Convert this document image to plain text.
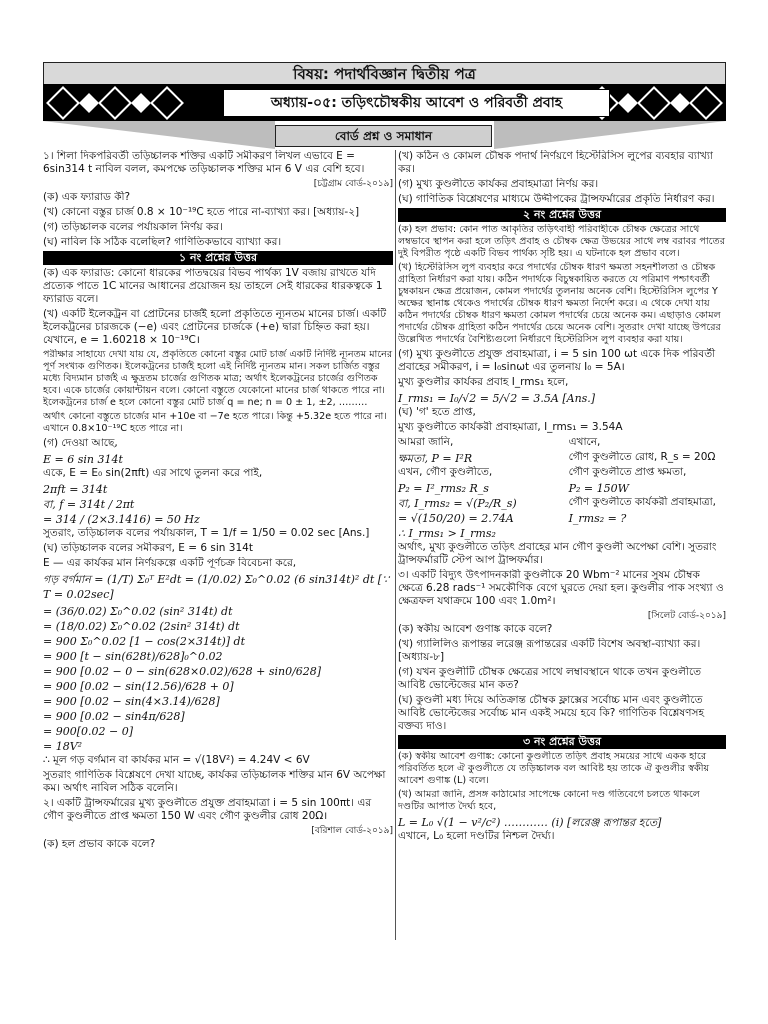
বিষয়: পদার্থবিজ্ঞান দ্বিতীয় পত্র
অধ্যায়-০৫: তড়িৎচৌম্বকীয় আবেশ ও পরিবর্তী প্রবাহ
বোর্ড প্রশ্ন ও সমাধান
১। শিলা দিকপরিবর্তী তড়িচ্চালক শক্তির একটি সমীকরণ লিখল এভাবে E = 6sin314 t নাবিল বলল, কমপক্ষে তড়িচ্চালক শক্তির মান 6 V এর বেশি হবে।
[চট্টগ্রাম বোর্ড-২০১৯]
(ক) এক ফ্যারাড কী?
(খ) কোনো বস্তুর চার্জ 0.8 × 10⁻¹⁹C হতে পারে না-ব্যাখ্যা কর। [অধ্যায়-২]
(গ) তড়িচ্চালক বলের পর্যায়কাল নির্ণয় কর।
(ঘ) নাবিল কি সঠিক বলেছিল? গাণিতিকভাবে ব্যাখ্যা কর।
১ নং প্রশ্নের উত্তর
(ক) এক ফ্যারাড: কোনো ধারকের পাতদ্বয়ের বিভব পার্থক্য 1V বজায় রাখতে যদি প্রত্যেক পাতে 1C মানের আধানের প্রয়োজন হয় তাহলে সেই ধারকের ধারকত্বকে 1 ফ্যারাড বলে।
(খ) একটি ইলেকট্রন বা প্রোটনের চার্জই হলো প্রকৃতিতে ন্যূনতম মানের চার্জ। একটি ইলেকট্রনের চারজকে (−e) এবং প্রোটনের চার্জকে (+e) দ্বারা চিহ্নিত করা হয়। যেখানে, e = 1.60218 × 10⁻¹⁹C।
পরীক্ষার সাহায্যে দেখা যায় যে, প্রকৃতিতে কোনো বস্তুর মোট চার্জ একটি নির্দিষ্ট ন্যূনতম মানের পূর্ণ সংখ্যক গুণিতক। ইলেকট্রনের চার্জই হলো এই নির্দিষ্ট ন্যূনতম মান। সকল চার্জিত বস্তুর মধ্যে বিদ্যমান চার্জই এ ক্ষুদ্রতম চার্জের গুণিতক মাত্র; অর্থাৎ ইলেকট্রনের চার্জের গুণিতক হবে। একে চার্জের কোয়ান্টায়ন বলে। কোনো বস্তুতে যেকোনো মানের চার্জ থাকতে পারে না। ইলেকট্রনের চার্জ e হলে কোনো বস্তুর মোট চার্জ q = ne; n = 0 ± 1, ±2, ………
অর্থাৎ কোনো বস্তুতে চার্জের মান +10e বা −7e হতে পারে। কিন্তু +5.32e হতে পারে না। এখানে 0.8×10⁻¹⁹C হতে পারে না।
(গ) দেওয়া আছে,
E = 6 sin 314t
একে, E = E₀ sin(2πft) এর সাথে তুলনা করে পাই,
2πft = 314t
বা, f = 314t / 2πt
= 314 / (2×3.1416) = 50 Hz
সুতরাং, তড়িচ্চালক বলের পর্যায়কাল, T = 1/f = 1/50 = 0.02 sec [Ans.]
(ঘ) তড়িচ্চালক বলের সমীকরণ, E = 6 sin 314t
E — এর কার্যকর মান নির্ণয়কল্পে একটি পূর্ণচক্র বিবেচনা করে,
গড় বর্গমান = (1/T) Σ₀ᵀ E²dt = (1/0.02) Σ₀^0.02 (6 sin314t)² dt [∵ T = 0.02sec]
= (36/0.02) Σ₀^0.02 (sin² 314t) dt
= (18/0.02) Σ₀^0.02 (2sin² 314t) dt
= 900 Σ₀^0.02 [1 − cos(2×314t)] dt
= 900 [t − sin(628t)/628]₀^0.02
= 900 [0.02 − 0 − sin(628×0.02)/628 + sin0/628]
= 900 [0.02 − sin(12.56)/628 + 0]
= 900 [0.02 − sin(4×3.14)/628]
= 900 [0.02 − sin4π/628]
= 900[0.02 − 0]
= 18V²
∴ মূল গড় বর্গমান বা কার্যকর মান = √(18V²) = 4.24V < 6V
সুতরাং গাণিতিক বিশ্লেষণে দেখা যাচ্ছে, কার্যকর তড়িচ্চালক শক্তির মান 6V অপেক্ষা কম। অর্থাৎ নাবিল সঠিক বলেনি।
২। একটি ট্রান্সফর্মারের মুখ্য কুণ্ডলীতে প্রযুক্ত প্রবাহমাত্রা i = 5 sin 100πt। এর গৌণ কুণ্ডলীতে প্রাপ্ত ক্ষমতা 150 W এবং গৌণ কুণ্ডলীর রোধ 20Ω।
[বরিশাল বোর্ড-২০১৯]
(ক) হল প্রভাব কাকে বলে?
(খ) কঠিন ও কোমল চৌম্বক পদার্থ নির্ণয়ণে হিস্টেরিসিস লুপের ব্যবহার ব্যাখ্যা কর।
(গ) মুখ্য কুণ্ডলীতে কার্যকর প্রবাহমাত্রা নির্ণয় কর।
(ঘ) গাণিতিক বিশ্লেষণের মাধ্যমে উদ্দীপকের ট্রান্সফর্মারের প্রকৃতি নির্ধারণ কর।
২ নং প্রশ্নের উত্তর
(ক) হল প্রভাব: কোন পাত আকৃতির তড়িৎবাহী পরিবাহীকে চৌম্বক ক্ষেত্রের সাথে লম্বভাবে স্থাপন করা হলে তড়িৎ প্রবাহ ও চৌম্বক ক্ষেত্র উভয়ের সাথে লম্ব বরাবর পাতের দুই বিপরীত পৃষ্ঠে একটি বিভব পার্থক্য সৃষ্টি হয়। এ ঘটনাকে হল প্রভাব বলে।
(খ) হিস্টেরিসিস লুপ ব্যবহার করে পদার্থের চৌম্বক ধারণ ক্ষমতা সহনশীলতা ও চৌম্বক গ্রাহিতা নির্ধারণ করা যায়। কঠিন পদার্থকে বিচুম্বকায়িত করতে যে পরিমাণ পশ্চাৎবর্তী চুম্বকায়ন ক্ষেত্র প্রয়োজন, কোমল পদার্থের তুলনায় অনেক বেশি। হিস্টেরিসিস লুপের Y অক্ষের স্থানাঙ্ক থেকেও পদার্থের চৌম্বক ধারণ ক্ষমতা নির্দেশ করে। এ থেকে দেখা যায় কঠিন পদার্থের চৌম্বক ধারণ ক্ষমতা কোমল পদার্থের চেয়ে অনেক কম। এছাড়াও কোমল পদার্থের চৌম্বক গ্রাহিতা কঠিন পদার্থের চেয়ে অনেক বেশি। সুতরাং দেখা যাচ্ছে উপরের উল্লেখিত পদার্থের বৈশিষ্ট্যগুলো নির্ধারণে হিস্টেরিসিস লুপ ব্যবহার করা যায়।
(গ) মুখ্য কুণ্ডলীতে প্রযুক্ত প্রবাহমাত্রা, i = 5 sin 100 ωt একে দিক পরিবর্তী প্রবাহের সমীকরণ, i = I₀sinωt এর তুলনায় I₀ = 5A।
মুখ্য কুণ্ডলীর কার্যকর প্রবাহ I_rms₁ হলে,
I_rms₁ = I₀/√2 = 5/√2 = 3.5A [Ans.]
(ঘ) 'গ' হতে প্রাপ্ত,
মুখ্য কুণ্ডলীতে কার্যকরী প্রবাহমাত্রা, I_rms₁ = 3.54A
আমরা জানি,
ক্ষমতা, P = I²R
এখন, গৌণ কুণ্ডলীতে,
P₂ = I²_rms₂ R_s
বা, I_rms₂ = √(P₂/R_s)
= √(150/20) = 2.74A
এখানে,
গৌণ কুণ্ডলীতে রোধ, R_s = 20Ω
গৌণ কুণ্ডলীতে প্রাপ্ত ক্ষমতা,
P₂ = 150W
গৌণ কুণ্ডলীতে কার্যকরী প্রবাহমাত্রা,
I_rms₂ = ?
∴ I_rms₁ > I_rms₂
অর্থাৎ, মুখ্য কুণ্ডলীতে তড়িৎ প্রবাহের মান গৌণ কুণ্ডলী অপেক্ষা বেশি। সুতরাং ট্রান্সফর্মারটি স্টেপ আপ ট্রান্সফর্মার।
৩। একটি বিদ্যুৎ উৎপাদনকারী কুণ্ডলীকে 20 Wbm⁻² মানের সুষম চৌম্বক ক্ষেত্রে 6.28 rads⁻¹ সমকৌণিক বেগে ঘুরতে দেয়া হল। কুণ্ডলীর পাক সংখ্যা ও ক্ষেত্রফল যথাক্রমে 100 এবং 1.0m²।
[সিলেট বোর্ড-২০১৯]
(ক) স্বকীয় আবেশ গুণাঙ্ক কাকে বলে?
(খ) গ্যালিলিও রূপান্তর লরেঞ্জ রূপান্তরের একটি বিশেষ অবস্থা-ব্যাখ্যা কর। [অধ্যায়-৮]
(গ) যখন কুণ্ডলীটি চৌম্বক ক্ষেত্রের সাথে লম্বাবস্থানে থাকে তখন কুণ্ডলীতে আবিষ্ট ভোল্টেজের মান কত?
(ঘ) কুণ্ডলী মধ্য দিয়ে অতিক্রান্ত চৌম্বক ফ্লাক্সের সর্বোচ্চ মান এবং কুণ্ডলীতে আবিষ্ট ভোল্টেজের সর্বোচ্চ মান একই সময়ে হবে কি? গাণিতিক বিশ্লেষণসহ বক্তব্য দাও।
৩ নং প্রশ্নের উত্তর
(ক) স্বকীয় আবেশ গুণাঙ্ক: কোনো কুণ্ডলীতে তড়িৎ প্রবাহ সময়ের সাথে একক হারে পরিবর্তিত হলে ঐ কুণ্ডলীতে যে তড়িচ্চালক বল আবিষ্ট হয় তাকে ঐ কুণ্ডলীর স্বকীয় আবেশ গুণাঙ্ক (L) বলে।
(খ) আমরা জানি, প্রসঙ্গ কাঠামোর সাপেক্ষে কোনো দণ্ড গতিবেগে চলতে থাকলে দণ্ডটির আপাত দৈর্ঘ্য হবে,
L = L₀ √(1 − v²/c²) ………… (i) [লরেঞ্জ রূপান্তর হতে]
এখানে, L₀ হলো দণ্ডটির নিশ্চল দৈর্ঘ্য।
